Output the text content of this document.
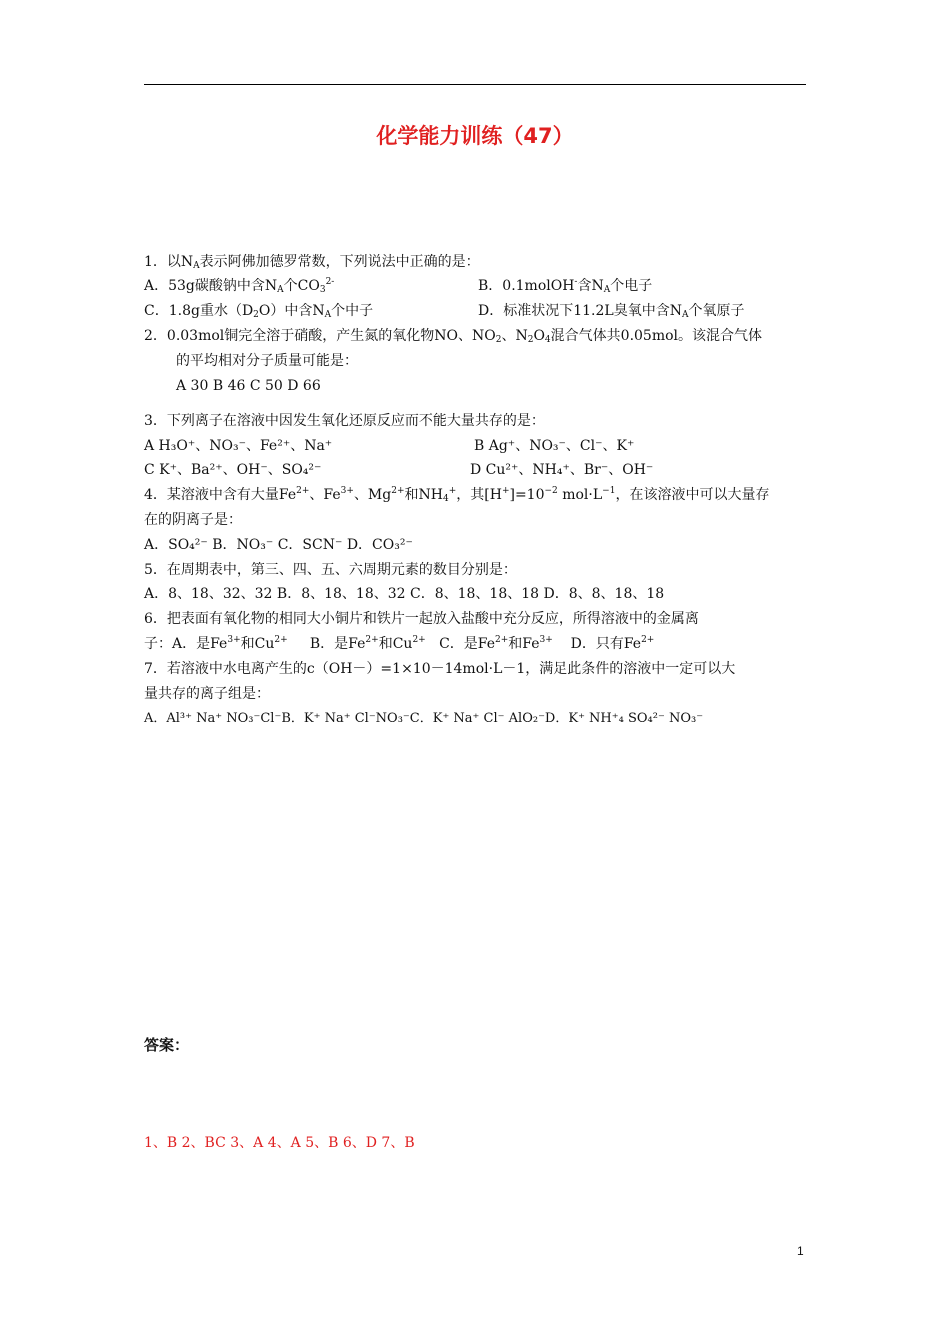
化学能力训练（47）
1．以$N_A$表示阿佛加德罗常数，下列说法中正确的是：
A．53g碳酸钠中含$N_A$个$CO_3^{2-}$	B．0.1molOH-含$N_A$个电子
C．1.8g重水$(D_2O)$中含$N_A$个中子	D．标准状况下11.2L臭氧中含$N_A$个氧原子
2．0.03mol铜完全溶于硝酸，产生氮的氧化物NO、$NO_2$、$N_2O_4$混合气体共0.05mol。该混合气体
的平均相对分子质量可能是：
A 30 B 46 C 50 D 66
3．下列离子在溶液中因发生氧化还原反应而不能大量共存的是：
A H₃O⁺、NO₃⁻、Fe²⁺、Na⁺	B Ag⁺、NO₃⁻、Cl⁻、K⁺
C K⁺、Ba²⁺、OH⁻、SO₄²⁻	D Cu²⁺、NH₄⁺、Br⁻、OH⁻
4．某溶液中含有大量$Fe^{2+}$、$Fe^{3+}$、$Mg^{2+}$和$NH_4^+$，其$[H^+]=10^{-2}$ $mol\cdot L^{-1}$，在该溶液中可以大量存
在的阴离子是：
A．SO₄²⁻ B．NO₃⁻ C．SCN⁻ D．CO₃²⁻
5．在周期表中，第三、四、五、六周期元素的数目分别是：
A．8、18、32、32 B．8、18、18、32 C．8、18、18、18 D．8、8、18、18
6．把表面有氧化物的相同大小铜片和铁片一起放入盐酸中充分反应，所得溶液中的金属离
子：A．是$Fe^{3+}$和$Cu^{2+}$     B．是$Fe^{2+}$和$Cu^{2+}$   C．是$Fe^{2+}$和$Fe^{3+}$    D．只有$Fe^{2+}$
7．若溶液中水电离产生的c（OH－）=1×10－14mol·L－1，满足此条件的溶液中一定可以大
量共存的离子组是：
A．Al³⁺ Na⁺ NO₃⁻Cl⁻B．K⁺ Na⁺ Cl⁻NO₃⁻C．K⁺ Na⁺ Cl⁻ AlO₂⁻D．K⁺ NH⁺₄ SO₄²⁻ NO₃⁻
答案：
1、B 2、BC 3、A 4、A 5、B 6、D 7、B
1
